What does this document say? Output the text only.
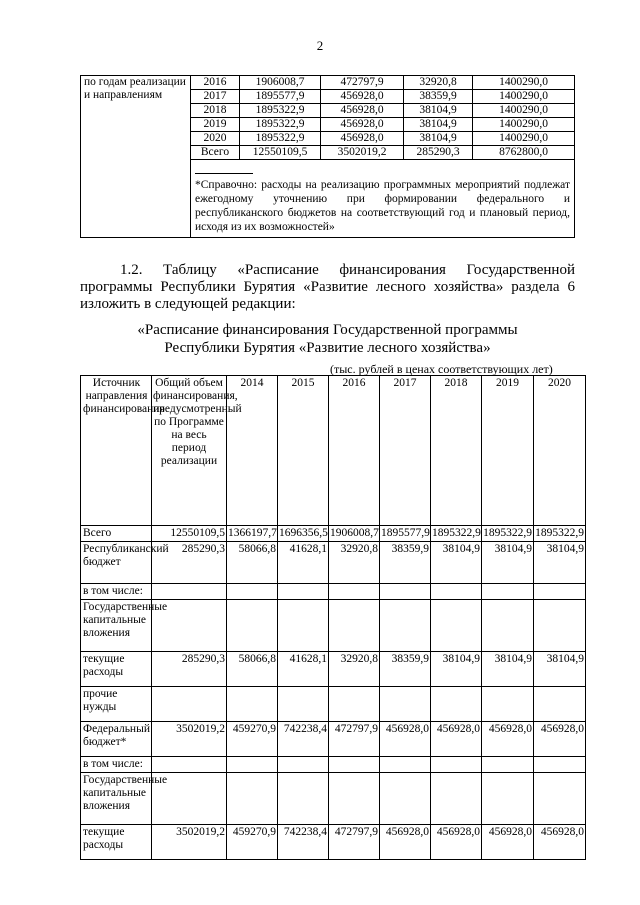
2
по годам реализации и направлениям	2016	1906008,7	472797,9	32920,8	1400290,0
	2017	1895577,9	456928,0	38359,9	1400290,0
	2018	1895322,9	456928,0	38104,9	1400290,0
	2019	1895322,9	456928,0	38104,9	1400290,0
	2020	1895322,9	456928,0	38104,9	1400290,0
	Всего	12550109,5	3502019,2	285290,3	8762800,0

	*Справочно: расходы на реализацию программных мероприятий подлежат ежегодному уточнению при формировании федерального и республиканского бюджетов на соответствующий год и плановый период, исходя из их возможностей»				
1.2. Таблицу «Расписание финансирования Государственной программы Республики Бурятия «Развитие лесного хозяйства» раздела 6 изложить в следующей редакции:
«Расписание финансирования Государственной программы
Республики Бурятия «Развитие лесного хозяйства»
(тыс. рублей в ценах соответствующих лет)
Источник направления финансирования	Общий объем финансирования, предусмотренный по Программе на весь период реализации	2014	2015	2016	2017	2018	2019	2020
Всего	12550109,5	1366197,7	1696356,5	1906008,7	1895577,9	1895322,9	1895322,9	1895322,9
Республиканский бюджет	285290,3	58066,8	41628,1	32920,8	38359,9	38104,9	38104,9	38104,9
в том числе:								
Государственные капитальные вложения								
текущие расходы	285290,3	58066,8	41628,1	32920,8	38359,9	38104,9	38104,9	38104,9
прочие нужды								
Федеральный бюджет*	3502019,2	459270,9	742238,4	472797,9	456928,0	456928,0	456928,0	456928,0
в том числе:								
Государственные капитальные вложения								
текущие расходы	3502019,2	459270,9	742238,4	472797,9	456928,0	456928,0	456928,0	456928,0
